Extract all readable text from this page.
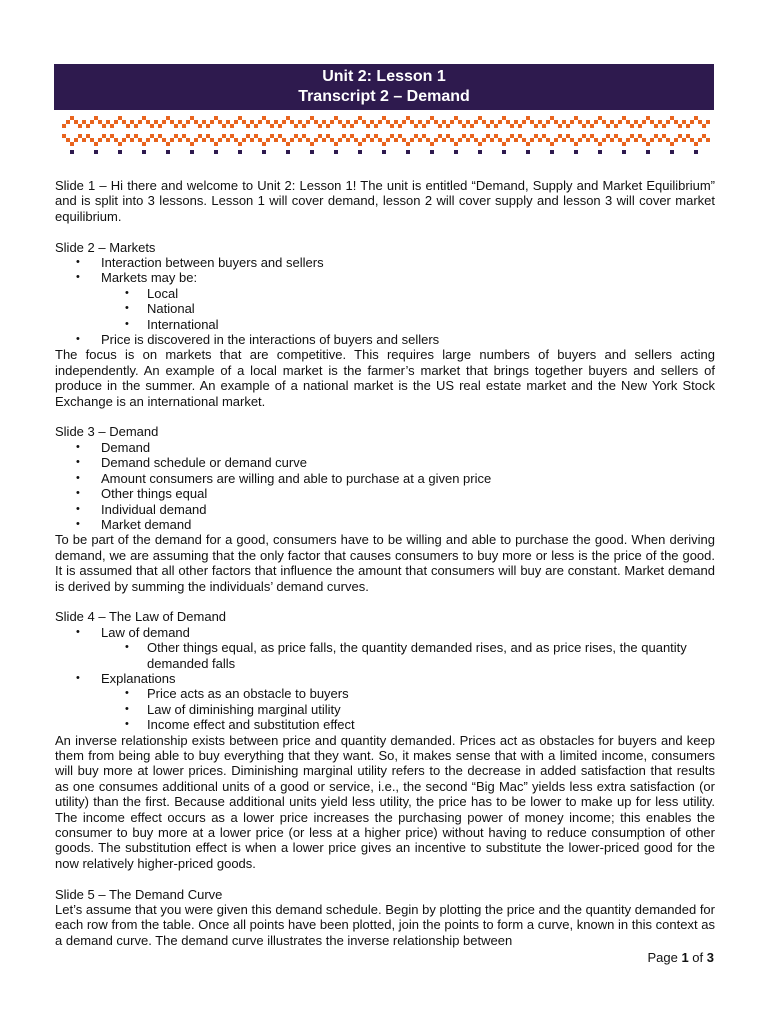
Unit 2: Lesson 1
Transcript 2 – Demand

Slide 1 – Hi there and welcome to Unit 2: Lesson 1! The unit is entitled “Demand, Supply and Market Equilibrium” and is split into 3 lessons. Lesson 1 will cover demand, lesson 2 will cover supply and lesson 3 will cover market equilibrium.

Slide 2 – Markets

• Interaction between buyers and sellers
• Markets may be:
• Local
• National
• International
• Price is discovered in the interactions of buyers and sellers

The focus is on markets that are competitive. This requires large numbers of buyers and sellers acting independently. An example of a local market is the farmer’s market that brings together buyers and sellers of produce in the summer. An example of a national market is the US real estate market and the New York Stock Exchange is an international market.

Slide 3 – Demand

• Demand
• Demand schedule or demand curve
• Amount consumers are willing and able to purchase at a given price
• Other things equal
• Individual demand
• Market demand

To be part of the demand for a good, consumers have to be willing and able to purchase the good. When deriving demand, we are assuming that the only factor that causes consumers to buy more or less is the price of the good. It is assumed that all other factors that influence the amount that consumers will buy are constant. Market demand is derived by summing the individuals’ demand curves.

Slide 4 – The Law of Demand

• Law of demand
• Other things equal, as price falls, the quantity demanded rises, and as price rises, the quantity demanded falls
• Explanations
• Price acts as an obstacle to buyers
• Law of diminishing marginal utility
• Income effect and substitution effect

An inverse relationship exists between price and quantity demanded. Prices act as obstacles for buyers and keep them from being able to buy everything that they want. So, it makes sense that with a limited income, consumers will buy more at lower prices. Diminishing marginal utility refers to the decrease in added satisfaction that results as one consumes additional units of a good or service, i.e., the second “Big Mac” yields less extra satisfaction (or utility) than the first. Because additional units yield less utility, the price has to be lower to make up for less utility. The income effect occurs as a lower price increases the purchasing power of money income; this enables the consumer to buy more at a lower price (or less at a higher price) without having to reduce consumption of other goods. The substitution effect is when a lower price gives an incentive to substitute the lower-priced good for the now relatively higher-priced goods.

Slide 5 – The Demand Curve

Let’s assume that you were given this demand schedule. Begin by plotting the price and the quantity demanded for each row from the table. Once all points have been plotted, join the points to form a curve, known in this context as a demand curve. The demand curve illustrates the inverse relationship between

Page 1 of 3
